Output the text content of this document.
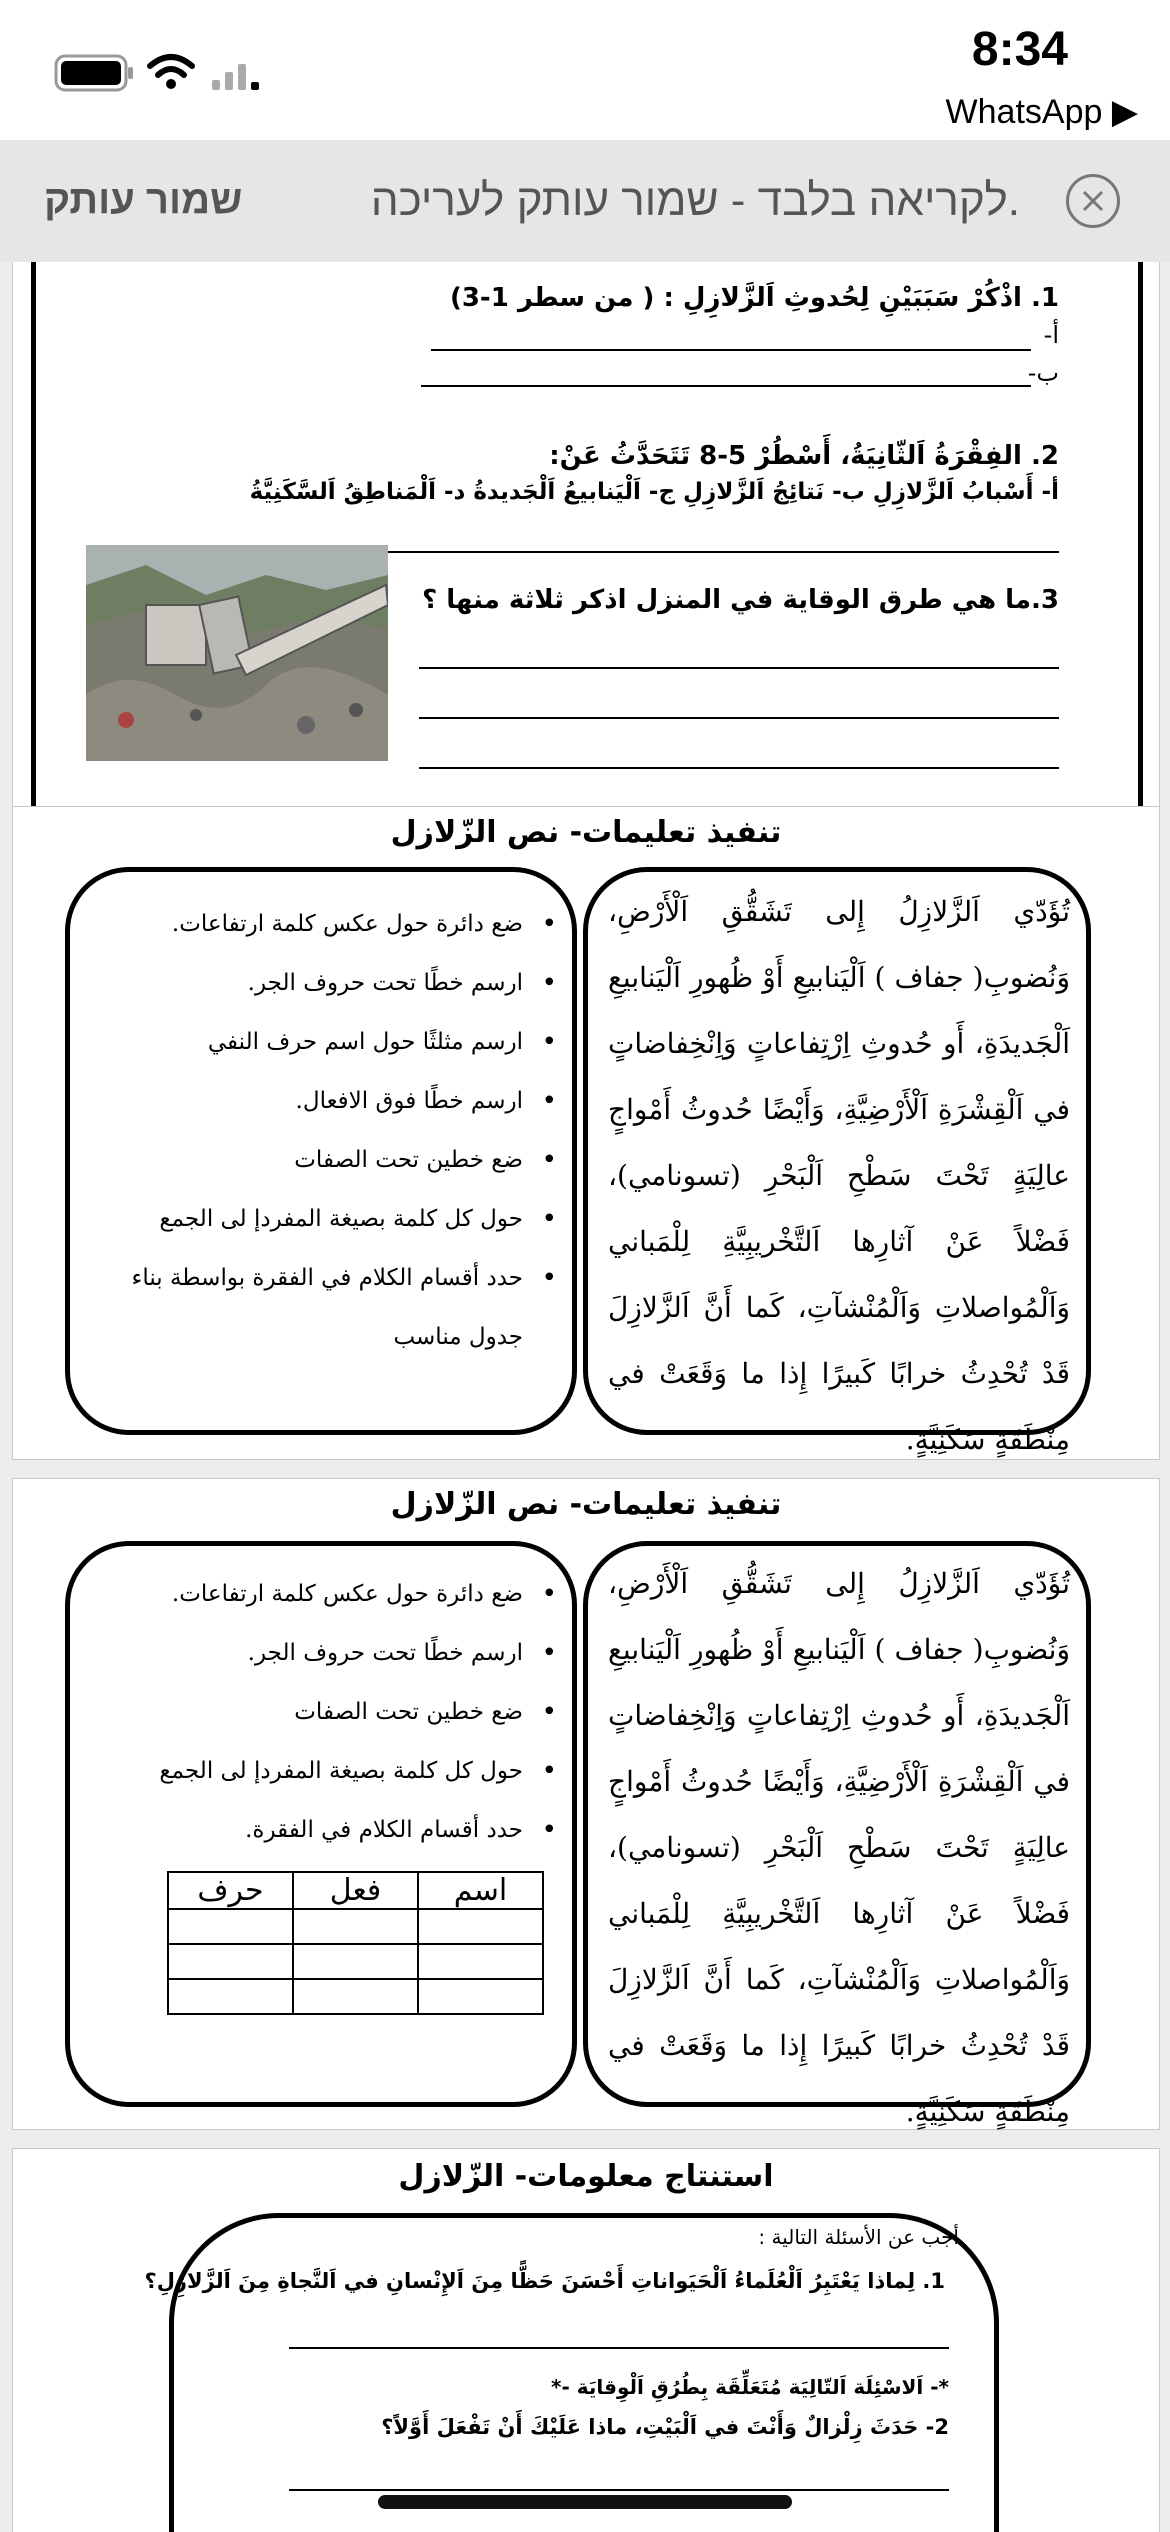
8:34
WhatsApp ▶
שמור עותק	לקריאה בלבד - שמור עותק לעריכה.
1. اذْكُرْ سَبَبَيْنِ لِحُدوثِ اَلزَّلازِلِ : ( من سطر 1-3)
أ-
ب-
2. الفِقْرَةُ اَلثّانِيَةُ، أَسْطُرْ 5-8 تَتَحَدَّثُ عَنْ:
أ- أَسْبابُ اَلزَّلازِلِ ب- نَتائِجُ اَلزَّلازِلِ ج- اَلْيَنابيعُ اَلْجَديدةُ د- اَلْمَناطِقُ اَلسَّكَنِيَّةُ
3.ما هي طرق الوقاية في المنزل اذكر ثلاثة منها ؟
تنفيذ تعليمات- نص الزّلازل
تُؤَدّي اَلزَّلازِلُ إِلى تَشَقُّقِ اَلْأَرْضِ، وَنُضوبِ( جفاف ) اَلْيَنابيعِ أَوْ ظُهورِ اَلْيَنابيعِ اَلْجَديدَةِ، أَو حُدوثِ اِرْتِفاعاتٍ وَاِنْخِفاضاتٍ في اَلْقِشْرَةِ اَلْأَرْضِيَّةِ، وَأَيْضًا حُدوثُ أَمْواجٍ عالِيَةٍ تَحْتَ سَطْحِ اَلْبَحْرِ (تسونامي)، فَضْلاً عَنْ آثارِها اَلتَّخْريبِيَّةِ لِلْمَباني وَاَلْمُواصلاتِ وَاَلْمُنْشآتِ، كَما أَنَّ اَلزَّلازِلَ قَدْ تُحْدِثُ خرابًا كَبيرًا إِذا ما وَقَعَتْ في مِنْطَقَةٍ سَكَنِيَّةٍ.
• ضع دائرة حول عكس كلمة ارتفاعات.
• ارسم خطًا تحت حروف الجر.
• ارسم مثلثًا حول اسم حرف النفي
• ارسم خطًا فوق الافعال.
• ضع خطين تحت الصفات
• حول كل كلمة بصيغة المفردإ لى الجمع
• حدد أقسام الكلام في الفقرة بواسطة بناء جدول مناسب
تنفيذ تعليمات- نص الزّلازل
تُؤَدّي اَلزَّلازِلُ إِلى تَشَقُّقِ اَلْأَرْضِ، وَنُضوبِ( جفاف ) اَلْيَنابيعِ أَوْ ظُهورِ اَلْيَنابيعِ اَلْجَديدَةِ، أَو حُدوثِ اِرْتِفاعاتٍ وَاِنْخِفاضاتٍ في اَلْقِشْرَةِ اَلْأَرْضِيَّةِ، وَأَيْضًا حُدوثُ أَمْواجٍ عالِيَةٍ تَحْتَ سَطْحِ اَلْبَحْرِ (تسونامي)، فَضْلاً عَنْ آثارِها اَلتَّخْريبِيَّةِ لِلْمَباني وَاَلْمُواصلاتِ وَاَلْمُنْشآتِ، كَما أَنَّ اَلزَّلازِلَ قَدْ تُحْدِثُ خرابًا كَبيرًا إِذا ما وَقَعَتْ في مِنْطَقَةٍ سَكَنِيَّةٍ.
• ضع دائرة حول عكس كلمة ارتفاعات.
• ارسم خطًا تحت حروف الجر.
• ضع خطين تحت الصفات
• حول كل كلمة بصيغة المفردإ لى الجمع
• حدد أقسام الكلام في الفقرة.
اسم	فعل	حرف

استنتاج معلومات- الزّلازل
أجب عن الأسئلة التالية :
1. لِماذا يَعْتَبِرُ اَلْعُلَماءُ اَلْحَيَواناتِ أَحْسَنَ حَظًّا مِنَ اَلإِنْسانِ في اَلنَّجاةِ مِنَ اَلزَّلازِلِ؟
*- اَلاسْئِلَة اَلتّالِيَة مُتَعَلِّقَة بِطُرُقِ اَلْوِقايَة -*
2- حَدَثَ زِلْزالٌ وَأَنْتَ في اَلْبَيْتِ، ماذا عَلَيْكَ أَنْ تَفْعَلَ أَوَّلاً؟
